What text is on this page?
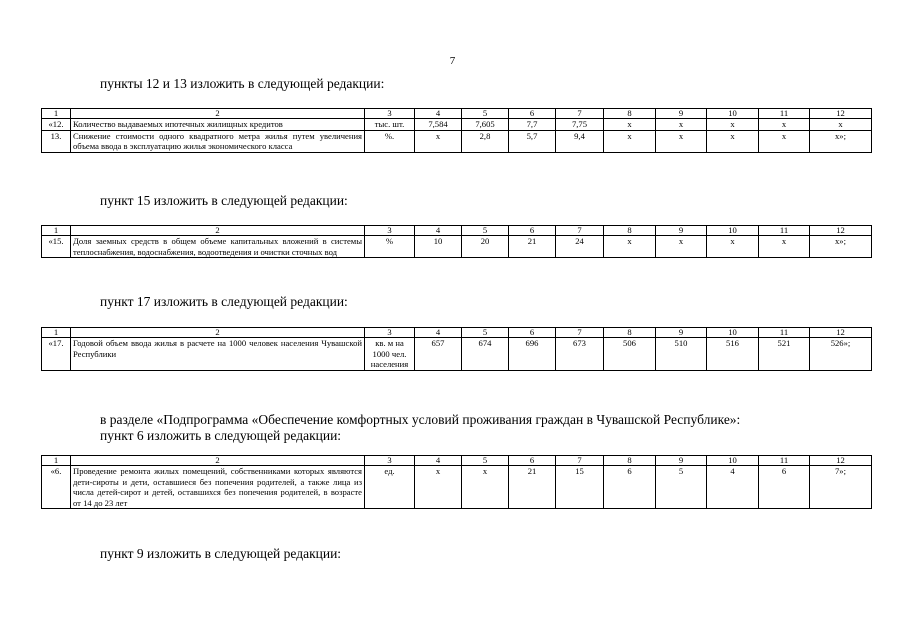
7
пункты 12 и 13 изложить в следующей редакции:
1	2	3	4	5	6	7	8	9	10	11	12
«12.	Количество выдаваемых ипотечных жилищных кредитов	тыс. шт.	7,584	7,605	7,7	7,75	х	х	х	х	х
13.	Снижение стоимости одного квадратного метра жилья путем увеличения объема ввода в эксплуатацию жилья экономического класса	%.	х	2,8	5,7	9,4	х	х	х	х	х»;
пункт 15 изложить в следующей редакции:
1	2	3	4	5	6	7	8	9	10	11	12
«15.	Доля заемных средств в общем объеме капитальных вложений в системы теплоснабжения, водоснабжения, водоотведения и очистки сточных вод	%	10	20	21	24	х	х	х	х	х»;
пункт 17 изложить в следующей редакции:
1	2	3	4	5	6	7	8	9	10	11	12
«17.	Годовой объем ввода жилья в расчете на 1000 человек населения Чувашской Республики	кв. м на 1000 чел. населения	657	674	696	673	506	510	516	521	526»;
в разделе «Подпрограмма «Обеспечение комфортных условий проживания граждан в Чувашской Республике»:
пункт 6 изложить в следующей редакции:
1	2	3	4	5	6	7	8	9	10	11	12
«6.	Проведение ремонта жилых помещений, собственниками которых являются дети-сироты и дети, оставшиеся без попечения родителей, а также лица из числа детей-сирот и детей, оставшихся без попечения родителей, в возрасте от 14 до 23 лет	ед.	х	х	21	15	6	5	4	6	7»;
пункт 9 изложить в следующей редакции:
